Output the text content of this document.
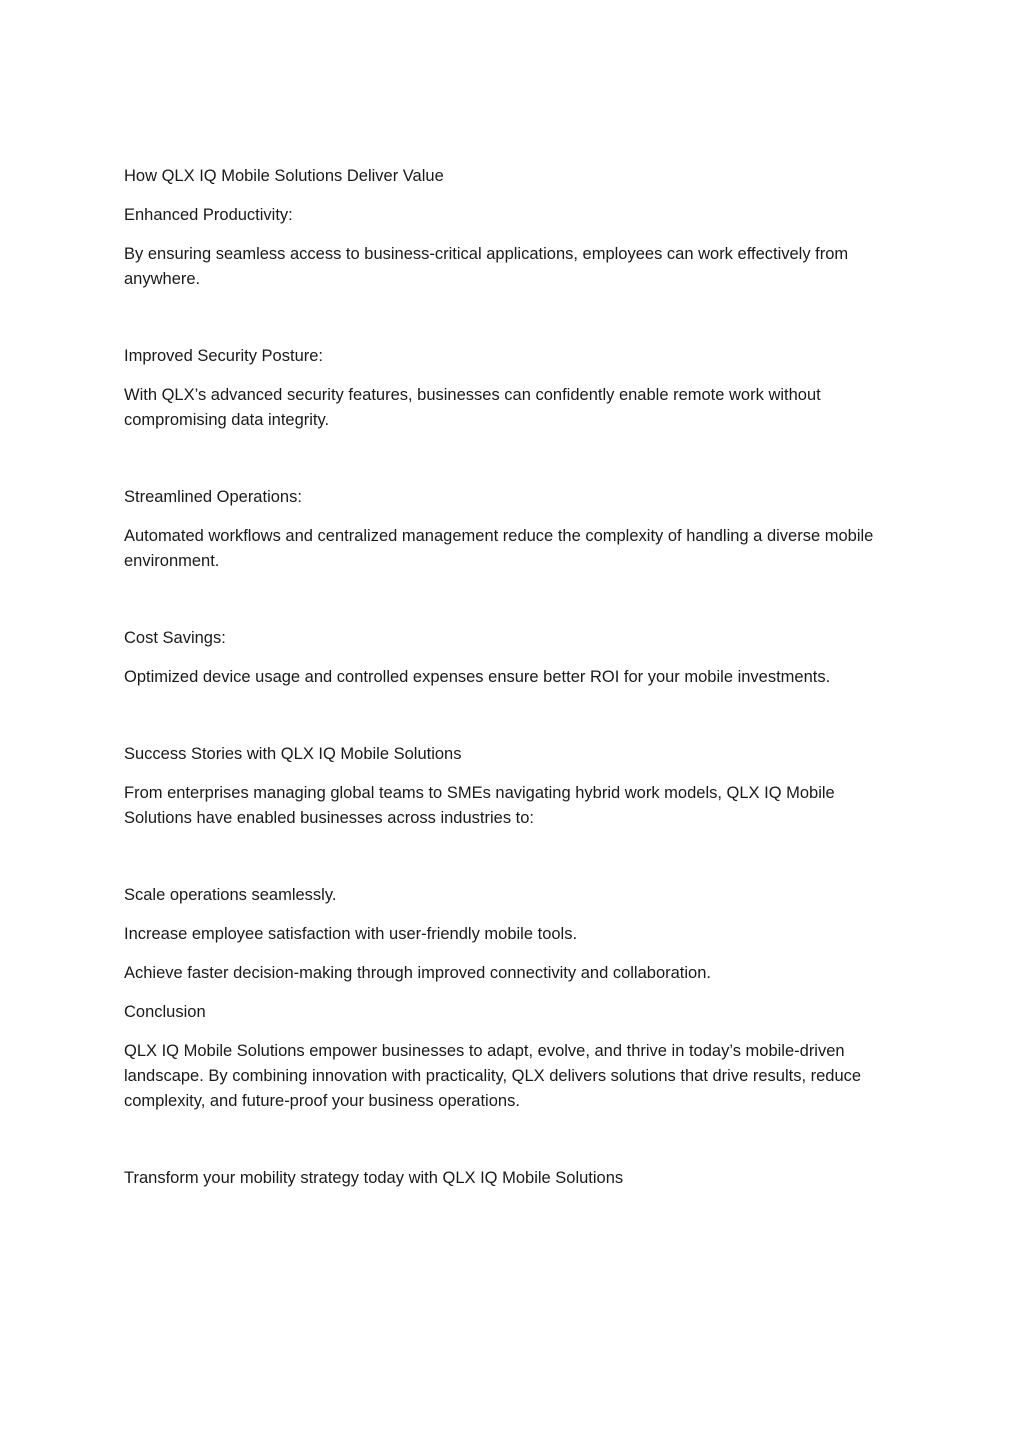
How QLX IQ Mobile Solutions Deliver Value

Enhanced Productivity:

By ensuring seamless access to business-critical applications, employees can work effectively from anywhere.

Improved Security Posture:

With QLX’s advanced security features, businesses can confidently enable remote work without compromising data integrity.

Streamlined Operations:

Automated workflows and centralized management reduce the complexity of handling a diverse mobile environment.

Cost Savings:

Optimized device usage and controlled expenses ensure better ROI for your mobile investments.

Success Stories with QLX IQ Mobile Solutions

From enterprises managing global teams to SMEs navigating hybrid work models, QLX IQ Mobile Solutions have enabled businesses across industries to:

Scale operations seamlessly.

Increase employee satisfaction with user-friendly mobile tools.

Achieve faster decision-making through improved connectivity and collaboration.

Conclusion

QLX IQ Mobile Solutions empower businesses to adapt, evolve, and thrive in today’s mobile-driven landscape. By combining innovation with practicality, QLX delivers solutions that drive results, reduce complexity, and future-proof your business operations.

Transform your mobility strategy today with QLX IQ Mobile Solutions
